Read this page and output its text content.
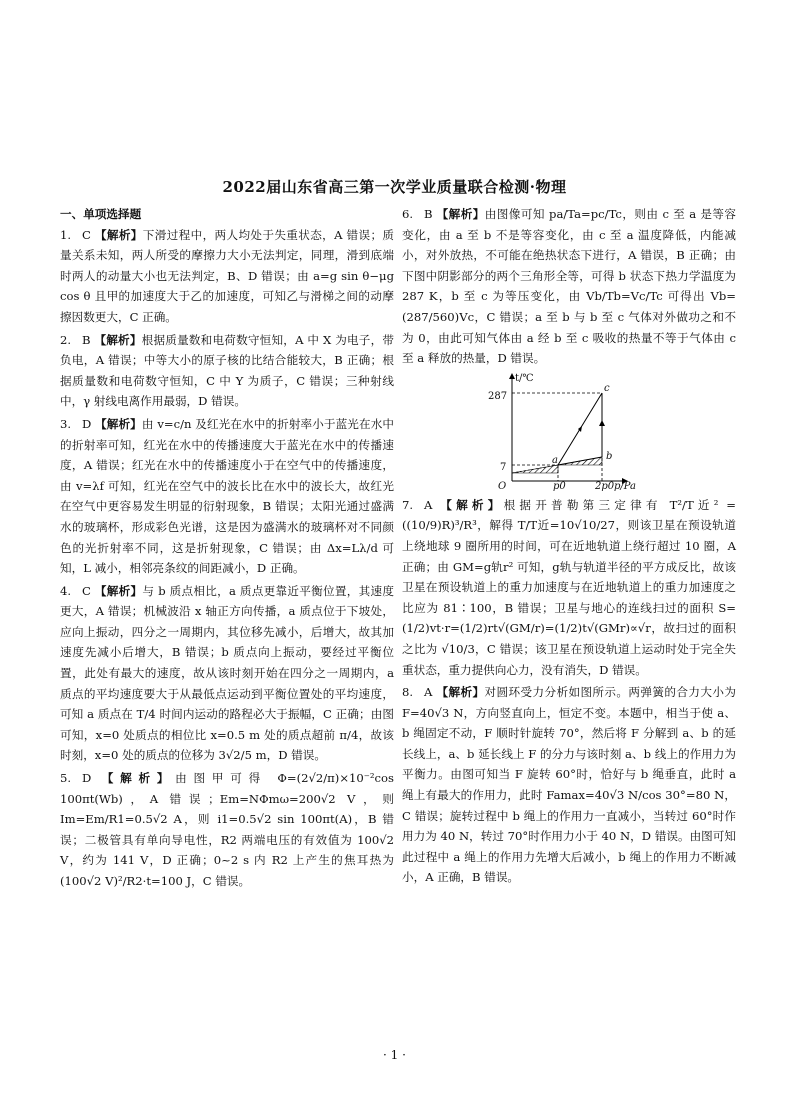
2022届山东省高三第一次学业质量联合检测·物理
一、单项选择题
1. C 【解析】下滑过程中，两人均处于失重状态，A 错误；质量关系未知，两人所受的摩擦力大小无法判定，同理，滑到底端时两人的动量大小也无法判定，B、D 错误；由 a=g sin θ−μg cos θ 且甲的加速度大于乙的加速度，可知乙与滑梯之间的动摩擦因数更大，C 正确。
2. B 【解析】根据质量数和电荷数守恒知，A 中 X 为电子，带负电，A 错误；中等大小的原子核的比结合能较大，B 正确；根据质量数和电荷数守恒知，C 中 Y 为质子，C 错误；三种射线中，γ 射线电离作用最弱，D 错误。
3. D 【解析】由 v=c/n 及红光在水中的折射率小于蓝光在水中的折射率可知，红光在水中的传播速度大于蓝光在水中的传播速度，A 错误；红光在水中的传播速度小于在空气中的传播速度，由 v=λf 可知，红光在空气中的波长比在水中的波长大，故红光在空气中更容易发生明显的衍射现象，B 错误；太阳光通过盛满水的玻璃杯，形成彩色光谱，这是因为盛满水的玻璃杯对不同颜色的光折射率不同，这是折射现象，C 错误；由 Δx=Lλ/d 可知，L 减小，相邻亮条纹的间距减小，D 正确。
4. C 【解析】与 b 质点相比，a 质点更靠近平衡位置，其速度更大，A 错误；机械波沿 x 轴正方向传播，a 质点位于下坡处，应向上振动，四分之一周期内，其位移先减小，后增大，故其加速度先减小后增大，B 错误；b 质点向上振动，要经过平衡位置，此处有最大的速度，故从该时刻开始在四分之一周期内，a 质点的平均速度要大于从最低点运动到平衡位置处的平均速度，可知 a 质点在 T/4 时间内运动的路程必大于振幅，C 正确；由图可知，x=0 处质点的相位比 x=0.5 m 处的质点超前 π/4，故该时刻，x=0 处的质点的位移为 3√2/5 m，D 错误。
5. D 【解析】由图甲可得 Φ=(2√2/π)×10⁻²cos 100πt(Wb)，A 错误；Em=NΦmω=200√2 V，则 Im=Em/R1=0.5√2 A，则 i1=0.5√2 sin 100πt(A)，B 错误；二极管具有单向导电性，R2 两端电压的有效值为 100√2 V，约为 141 V，D 正确；0~2 s 内 R2 上产生的焦耳热为 (100√2 V)²/R2·t=100 J，C 错误。
6. B 【解析】由图像可知 pa/Ta=pc/Tc，则由 c 至 a 是等容变化，由 a 至 b 不是等容变化，由 c 至 a 温度降低，内能减小，对外放热，不可能在绝热状态下进行，A 错误，B 正确；由下图中阴影部分的两个三角形全等，可得 b 状态下热力学温度为 287 K，b 至 c 为等压变化，由 Vb/Tb=Vc/Tc 可得出 Vb=(287/560)Vc，C 错误；a 至 b 与 b 至 c 气体对外做功之和不为 0，由此可知气体由 a 经 b 至 c 吸收的热量不等于气体由 c 至 a 释放的热量，D 错误。
t/℃
287
7
O	p0	2p0 p/Pa
a	b
c
7. A 【解析】根据开普勒第三定律有 T²/T近² = ((10/9)R)³/R³，解得 T/T近=10√10/27，则该卫星在预设轨道上绕地球 9 圈所用的时间，可在近地轨道上绕行超过 10 圈，A 正确；由 GM=g轨r² 可知，g轨与轨道半径的平方成反比，故该卫星在预设轨道上的重力加速度与在近地轨道上的重力加速度之比应为 81∶100，B 错误；卫星与地心的连线扫过的面积 S=(1/2)vt·r=(1/2)rt√(GM/r)=(1/2)t√(GMr)∝√r，故扫过的面积之比为 √10/3，C 错误；该卫星在预设轨道上运动时处于完全失重状态，重力提供向心力，没有消失，D 错误。
8. A 【解析】对圆环受力分析如图所示。两弹簧的合力大小为 F=40√3 N，方向竖直向上，恒定不变。本题中，相当于使 a、b 绳固定不动，F 顺时针旋转 70°，然后将 F 分解到 a、b 的延长线上，a、b 延长线上 F 的分力与该时刻 a、b 线上的作用力为平衡力。由图可知当 F 旋转 60°时，恰好与 b 绳垂直，此时 a 绳上有最大的作用力，此时 Famax=40√3 N/cos 30°=80 N，C 错误；旋转过程中 b 绳上的作用力一直减小，当转过 60°时作用力为 40 N，转过 70°时作用力小于 40 N，D 错误。由图可知此过程中 a 绳上的作用力先增大后减小，b 绳上的作用力不断减小，A 正确，B 错误。
· 1 ·
